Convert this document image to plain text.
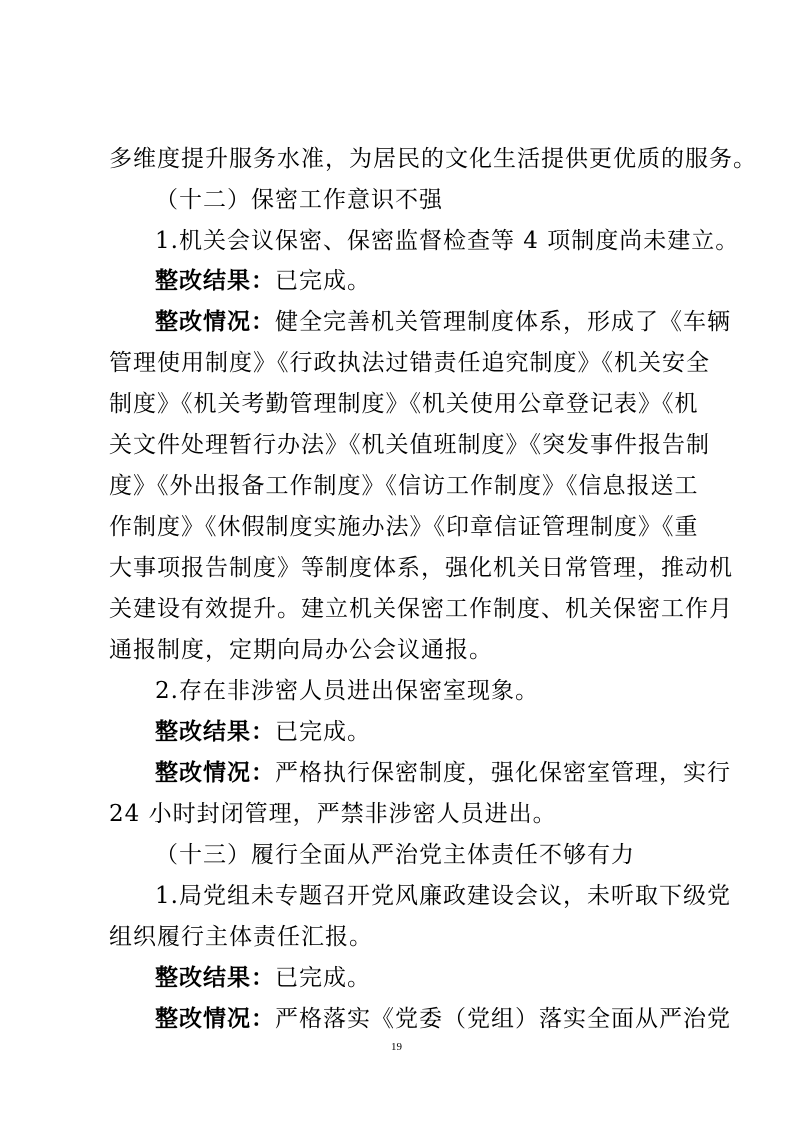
多维度提升服务水准，为居民的文化生活提供更优质的服务。
（十二）保密工作意识不强
1.机关会议保密、保密监督检查等 4 项制度尚未建立。
整改结果：已完成。
整改情况：健全完善机关管理制度体系，形成了《车辆
管理使用制度》《行政执法过错责任追究制度》《机关安全
制度》《机关考勤管理制度》《机关使用公章登记表》《机
关文件处理暂行办法》《机关值班制度》《突发事件报告制
度》《外出报备工作制度》《信访工作制度》《信息报送工
作制度》《休假制度实施办法》《印章信证管理制度》《重
大事项报告制度》等制度体系，强化机关日常管理，推动机
关建设有效提升。建立机关保密工作制度、机关保密工作月
通报制度，定期向局办公会议通报。
2.存在非涉密人员进出保密室现象。
整改结果：已完成。
整改情况：严格执行保密制度，强化保密室管理，实行
24 小时封闭管理，严禁非涉密人员进出。
（十三）履行全面从严治党主体责任不够有力
1.局党组未专题召开党风廉政建设会议，未听取下级党
组织履行主体责任汇报。
整改结果：已完成。
整改情况：严格落实《党委（党组）落实全面从严治党
19
